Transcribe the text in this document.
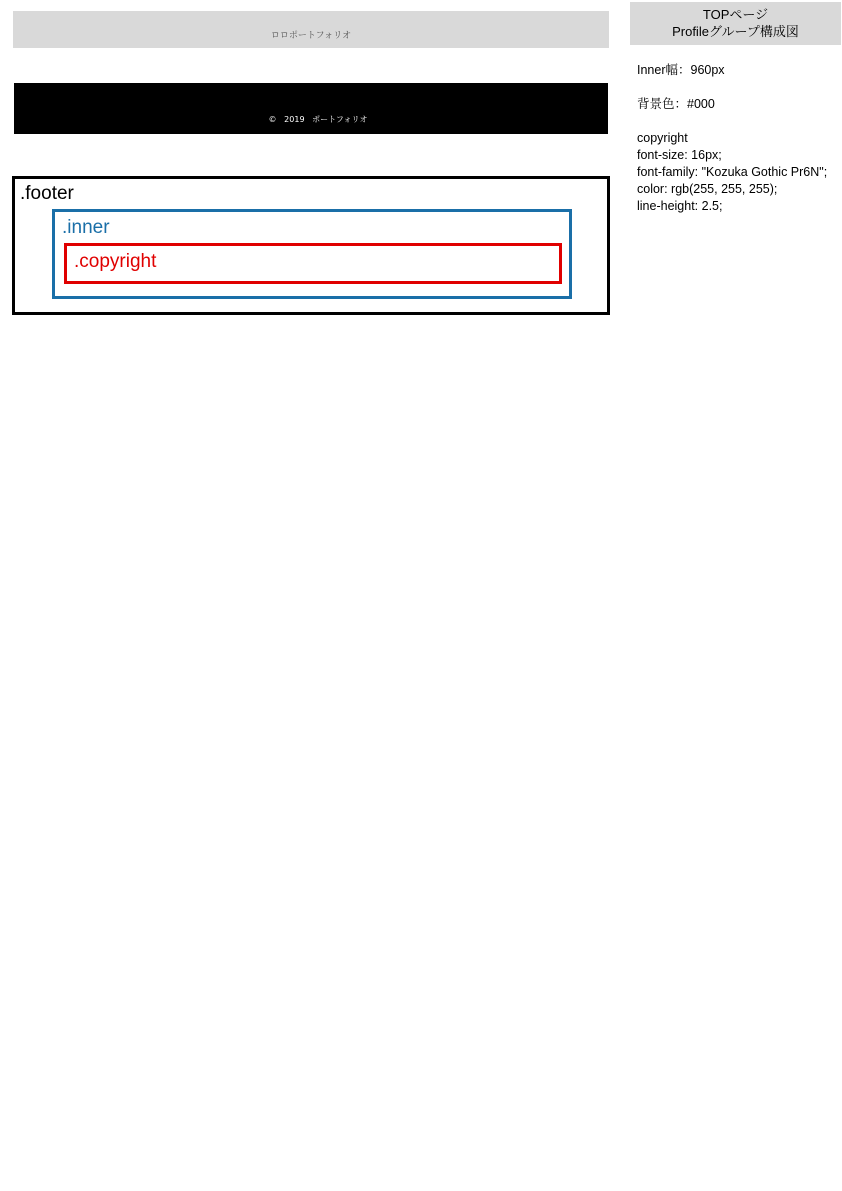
ロロポートフォリオ
©   2019   ポートフォリオ
.footer
.inner
.copyright
TOPページ
Profileグループ構成図
Inner幅：960px
背景色：#000
copyright
font-size: 16px;
font-family: "Kozuka Gothic Pr6N";
color: rgb(255, 255, 255);
line-height: 2.5;
